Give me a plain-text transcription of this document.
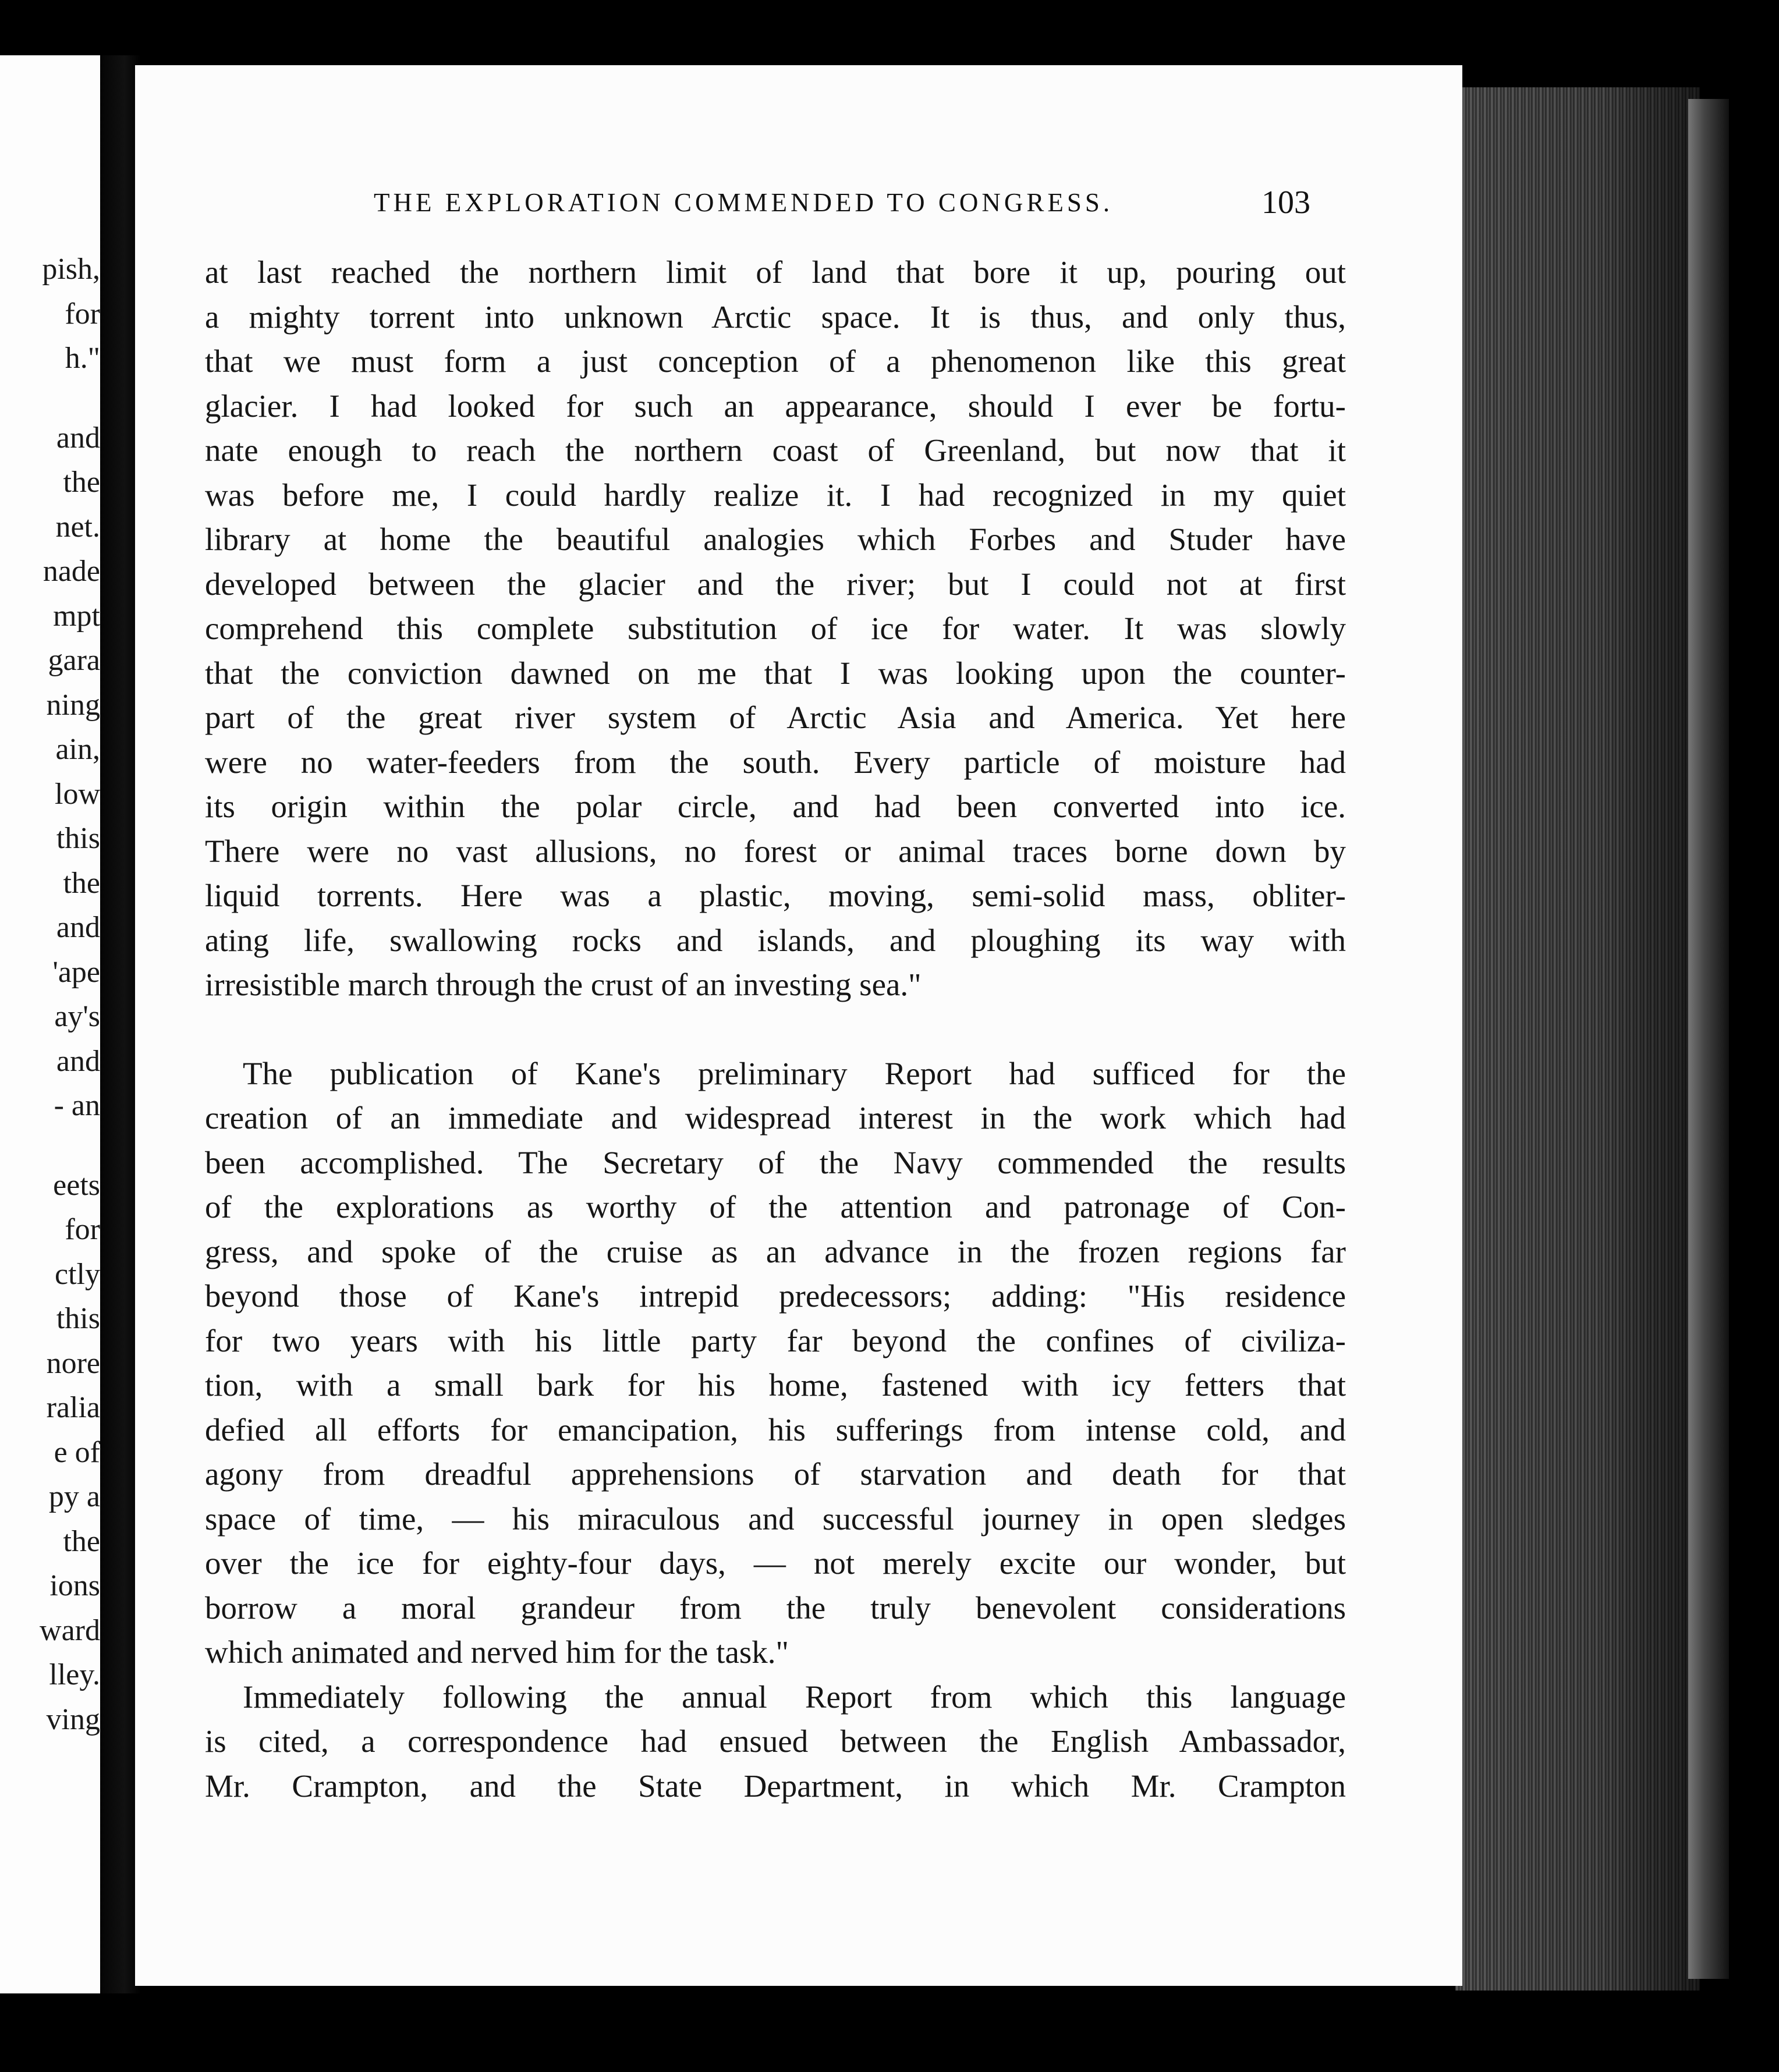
pish,
for
h."
and
the
net.
nade
mpt
gara
ning
ain,
low
this
the
and
'ape
ay's
and
- an
eets
for
ctly
this
nore
ralia
e of
py a
the
ions
ward
lley.
ving
THE EXPLORATION COMMENDED TO CONGRESS.	103
at last reached the northern limit of land that bore it up, pouring out
a mighty torrent into unknown Arctic space. It is thus, and only thus,
that we must form a just conception of a phenomenon like this great
glacier. I had looked for such an appearance, should I ever be fortu-
nate enough to reach the northern coast of Greenland, but now that it
was before me, I could hardly realize it. I had recognized in my quiet
library at home the beautiful analogies which Forbes and Studer have
developed between the glacier and the river; but I could not at first
comprehend this complete substitution of ice for water. It was slowly
that the conviction dawned on me that I was looking upon the counter-
part of the great river system of Arctic Asia and America. Yet here
were no water-feeders from the south. Every particle of moisture had
its origin within the polar circle, and had been converted into ice.
There were no vast allusions, no forest or animal traces borne down by
liquid torrents. Here was a plastic, moving, semi-solid mass, obliter-
ating life, swallowing rocks and islands, and ploughing its way with
irresistible march through the crust of an investing sea."
The publication of Kane's preliminary Report had sufficed for the
creation of an immediate and widespread interest in the work which had
been accomplished. The Secretary of the Navy commended the results
of the explorations as worthy of the attention and patronage of Con-
gress, and spoke of the cruise as an advance in the frozen regions far
beyond those of Kane's intrepid predecessors; adding: "His residence
for two years with his little party far beyond the confines of civiliza-
tion, with a small bark for his home, fastened with icy fetters that
defied all efforts for emancipation, his sufferings from intense cold, and
agony from dreadful apprehensions of starvation and death for that
space of time, — his miraculous and successful journey in open sledges
over the ice for eighty-four days, — not merely excite our wonder, but
borrow a moral grandeur from the truly benevolent considerations
which animated and nerved him for the task."
Immediately following the annual Report from which this language
is cited, a correspondence had ensued between the English Ambassador,
Mr. Crampton, and the State Department, in which Mr. Crampton
